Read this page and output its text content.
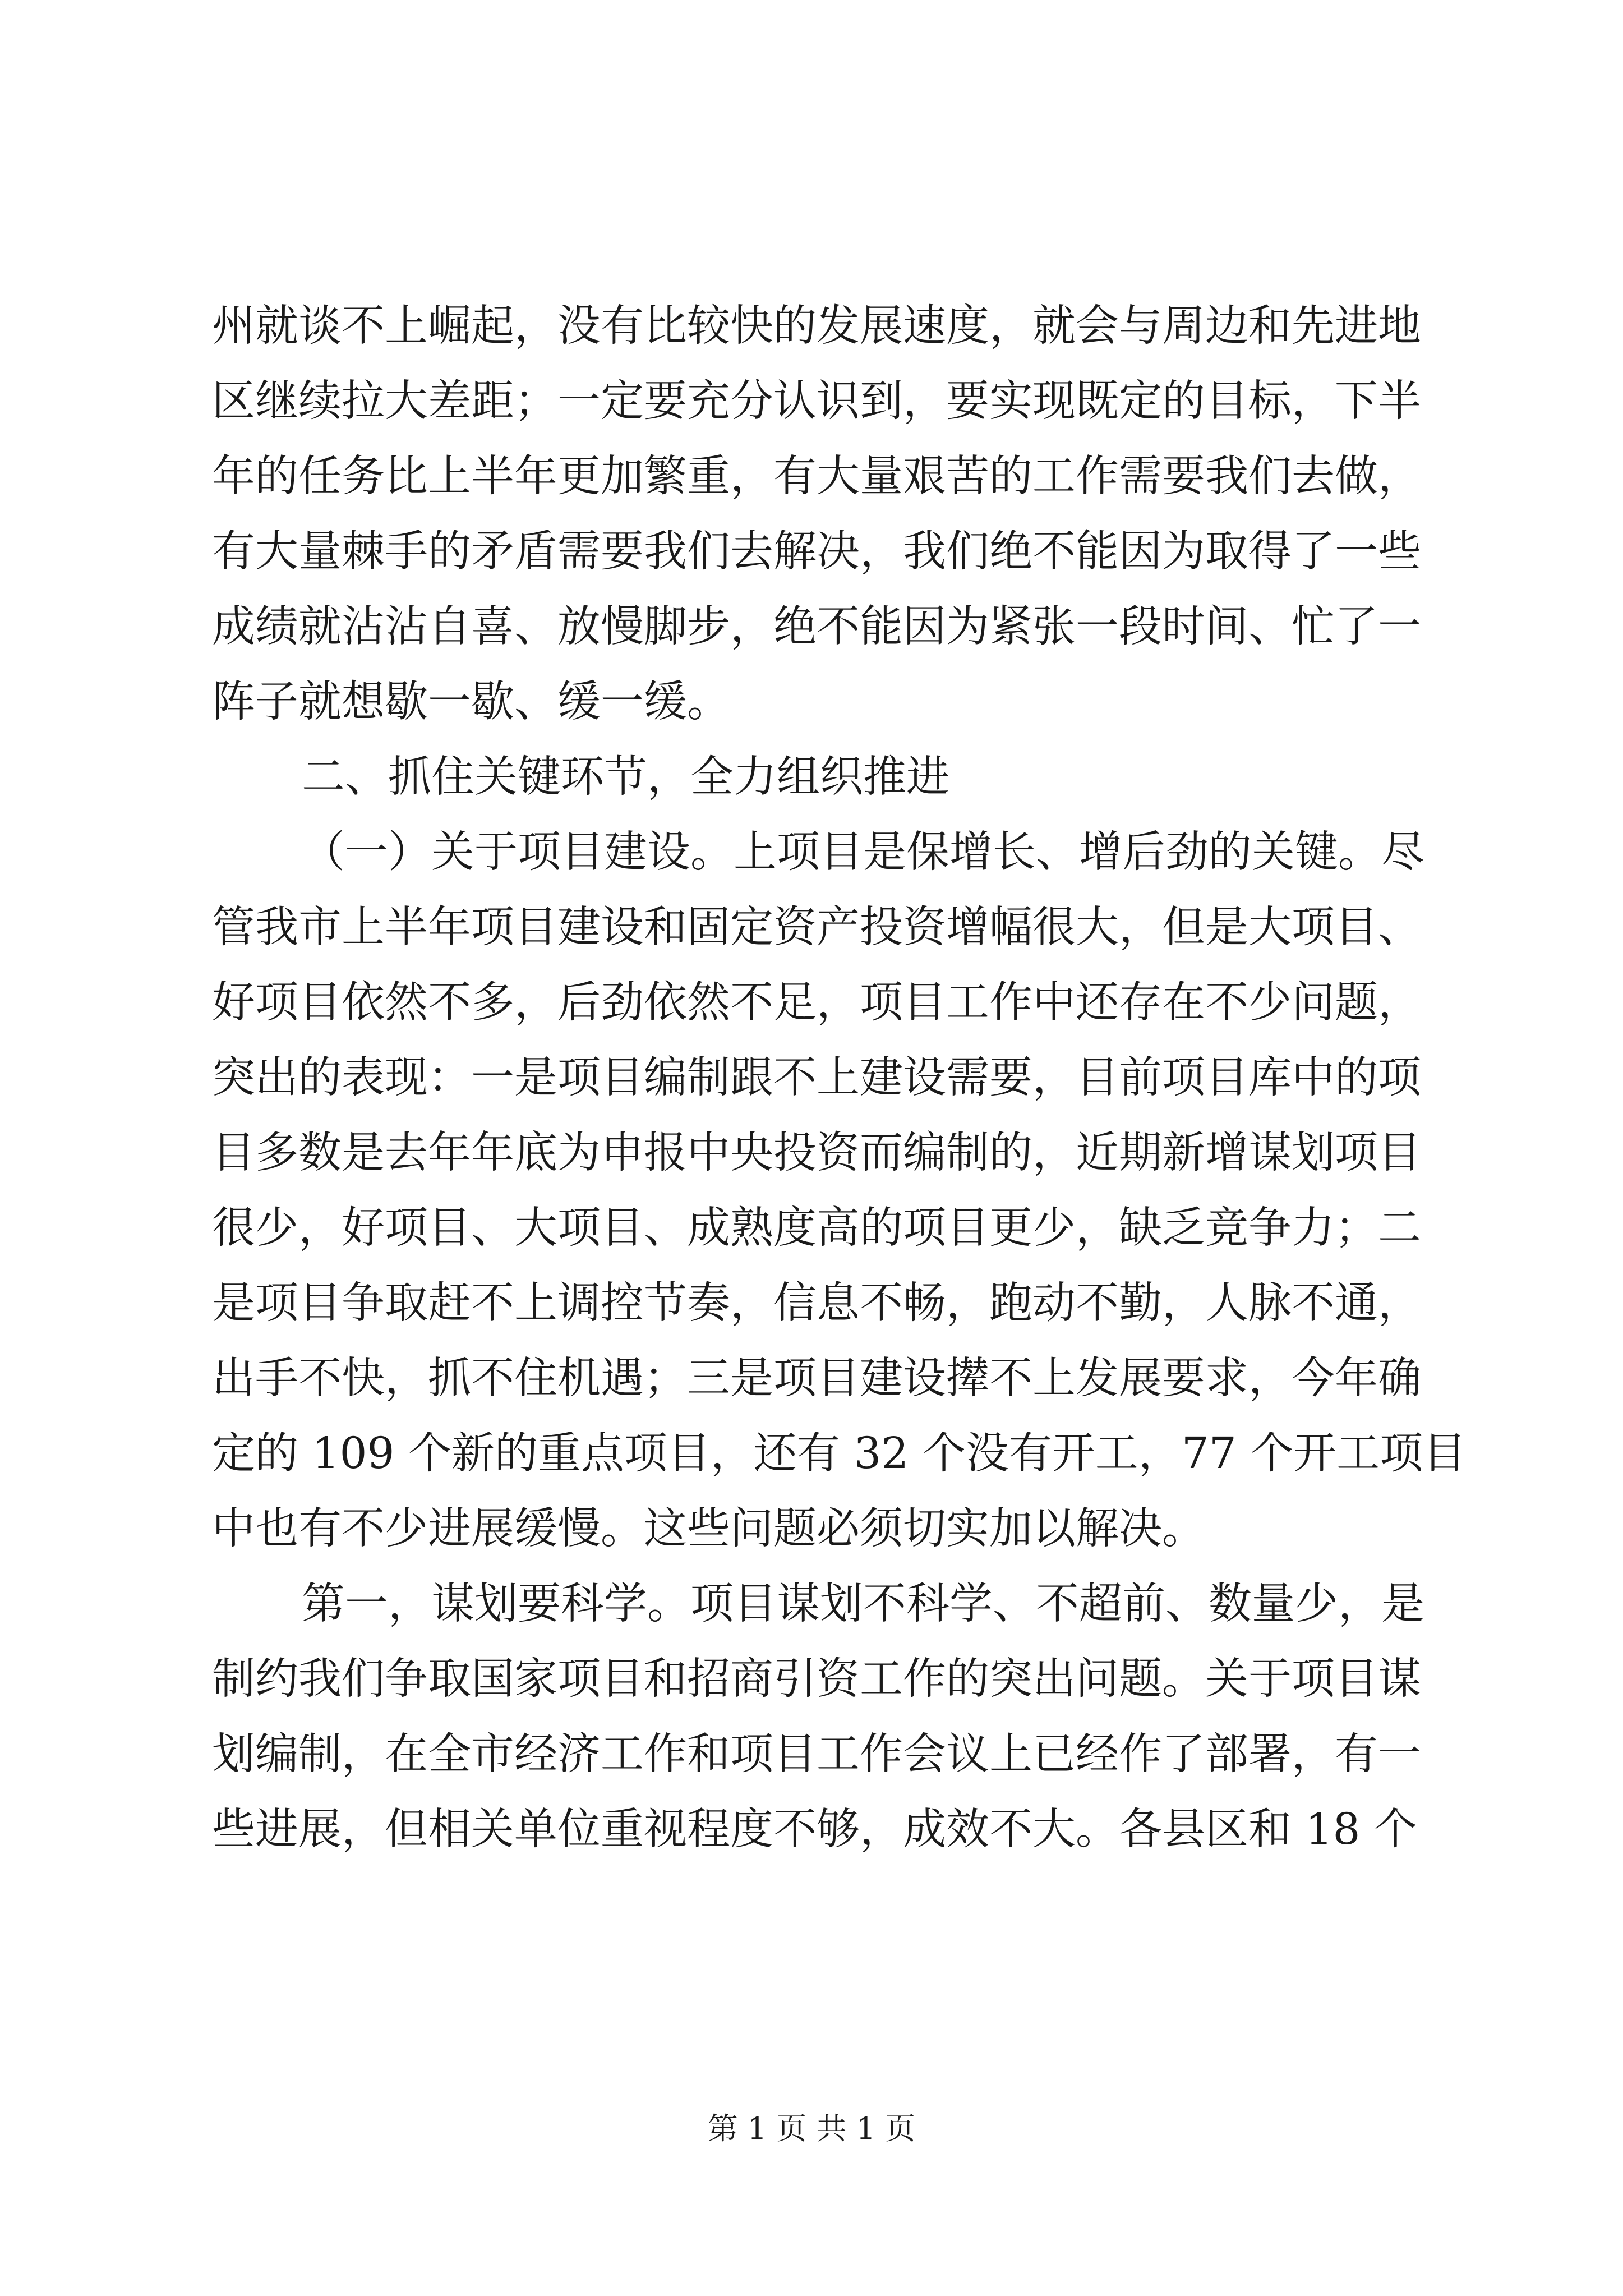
州就谈不上崛起，没有比较快的发展速度，就会与周边和先进地
区继续拉大差距；一定要充分认识到，要实现既定的目标，下半
年的任务比上半年更加繁重，有大量艰苦的工作需要我们去做，
有大量棘手的矛盾需要我们去解决，我们绝不能因为取得了一些
成绩就沾沾自喜、放慢脚步，绝不能因为紧张一段时间、忙了一
阵子就想歇一歇、缓一缓。
二、抓住关键环节，全力组织推进
（一）关于项目建设。上项目是保增长、增后劲的关键。尽
管我市上半年项目建设和固定资产投资增幅很大，但是大项目、
好项目依然不多，后劲依然不足，项目工作中还存在不少问题，
突出的表现：一是项目编制跟不上建设需要，目前项目库中的项
目多数是去年年底为申报中央投资而编制的，近期新增谋划项目
很少，好项目、大项目、成熟度高的项目更少，缺乏竞争力；二
是项目争取赶不上调控节奏，信息不畅，跑动不勤，人脉不通，
出手不快，抓不住机遇；三是项目建设撵不上发展要求，今年确
定的 109 个新的重点项目，还有 32 个没有开工，77 个开工项目
中也有不少进展缓慢。这些问题必须切实加以解决。
第一，谋划要科学。项目谋划不科学、不超前、数量少，是
制约我们争取国家项目和招商引资工作的突出问题。关于项目谋
划编制，在全市经济工作和项目工作会议上已经作了部署，有一
些进展，但相关单位重视程度不够，成效不大。各县区和 18 个
第 1 页 共 1 页
